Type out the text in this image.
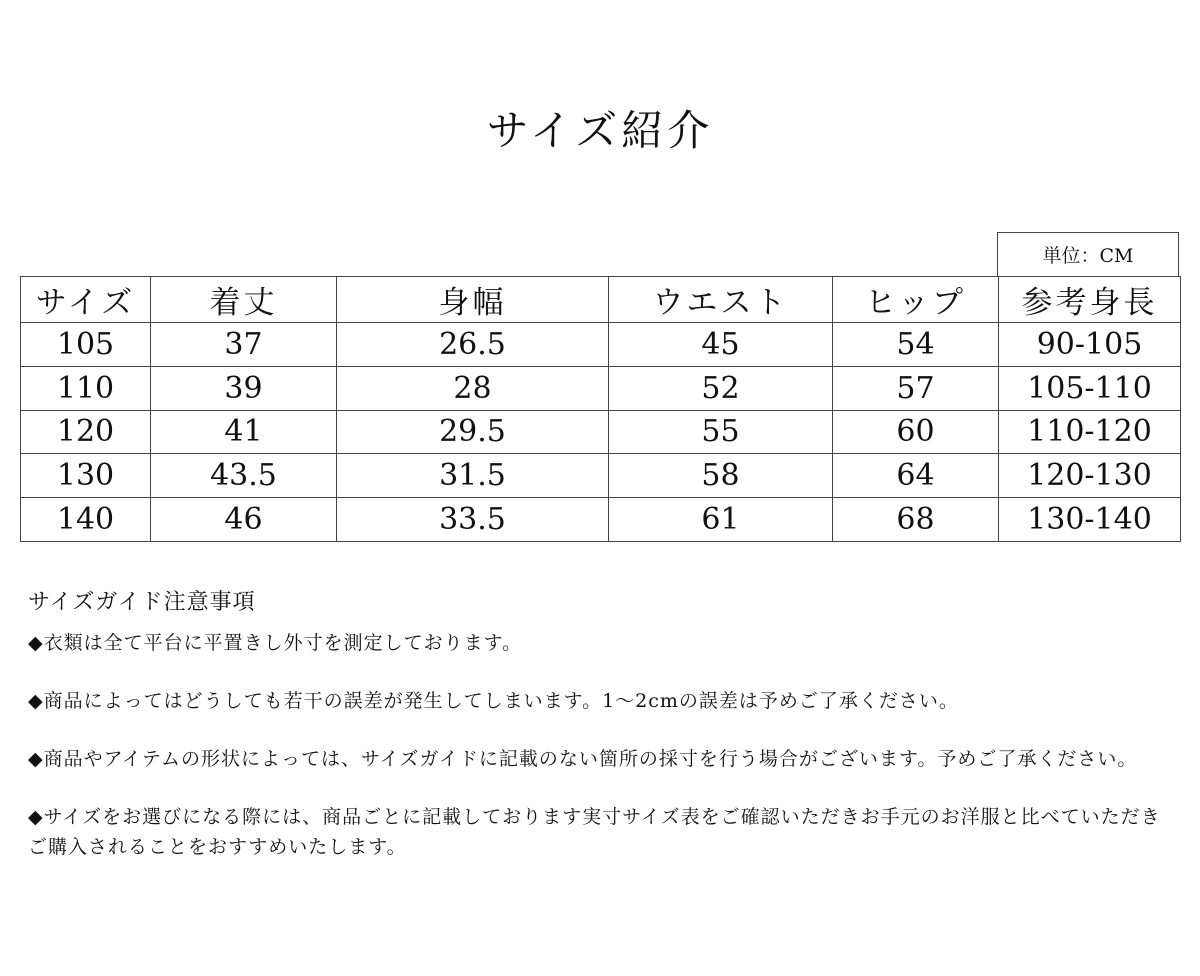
サイズ紹介
単位：CM
サイズ	着丈	身幅	ウエスト	ヒップ	参考身長
105	37	26.5	45	54	90-105
110	39	28	52	57	105-110
120	41	29.5	55	60	110-120
130	43.5	31.5	58	64	120-130
140	46	33.5	61	68	130-140
サイズガイド注意事項

◆衣類は全て平台に平置きし外寸を測定しております。

◆商品によってはどうしても若干の誤差が発生してしまいます。1〜2cmの誤差は予めご了承ください。

◆商品やアイテムの形状によっては、サイズガイドに記載のない箇所の採寸を行う場合がございます。予めご了承ください。

◆サイズをお選びになる際には、商品ごとに記載しております実寸サイズ表をご確認いただきお手元のお洋服と比べていただきご購入されることをおすすめいたします。
